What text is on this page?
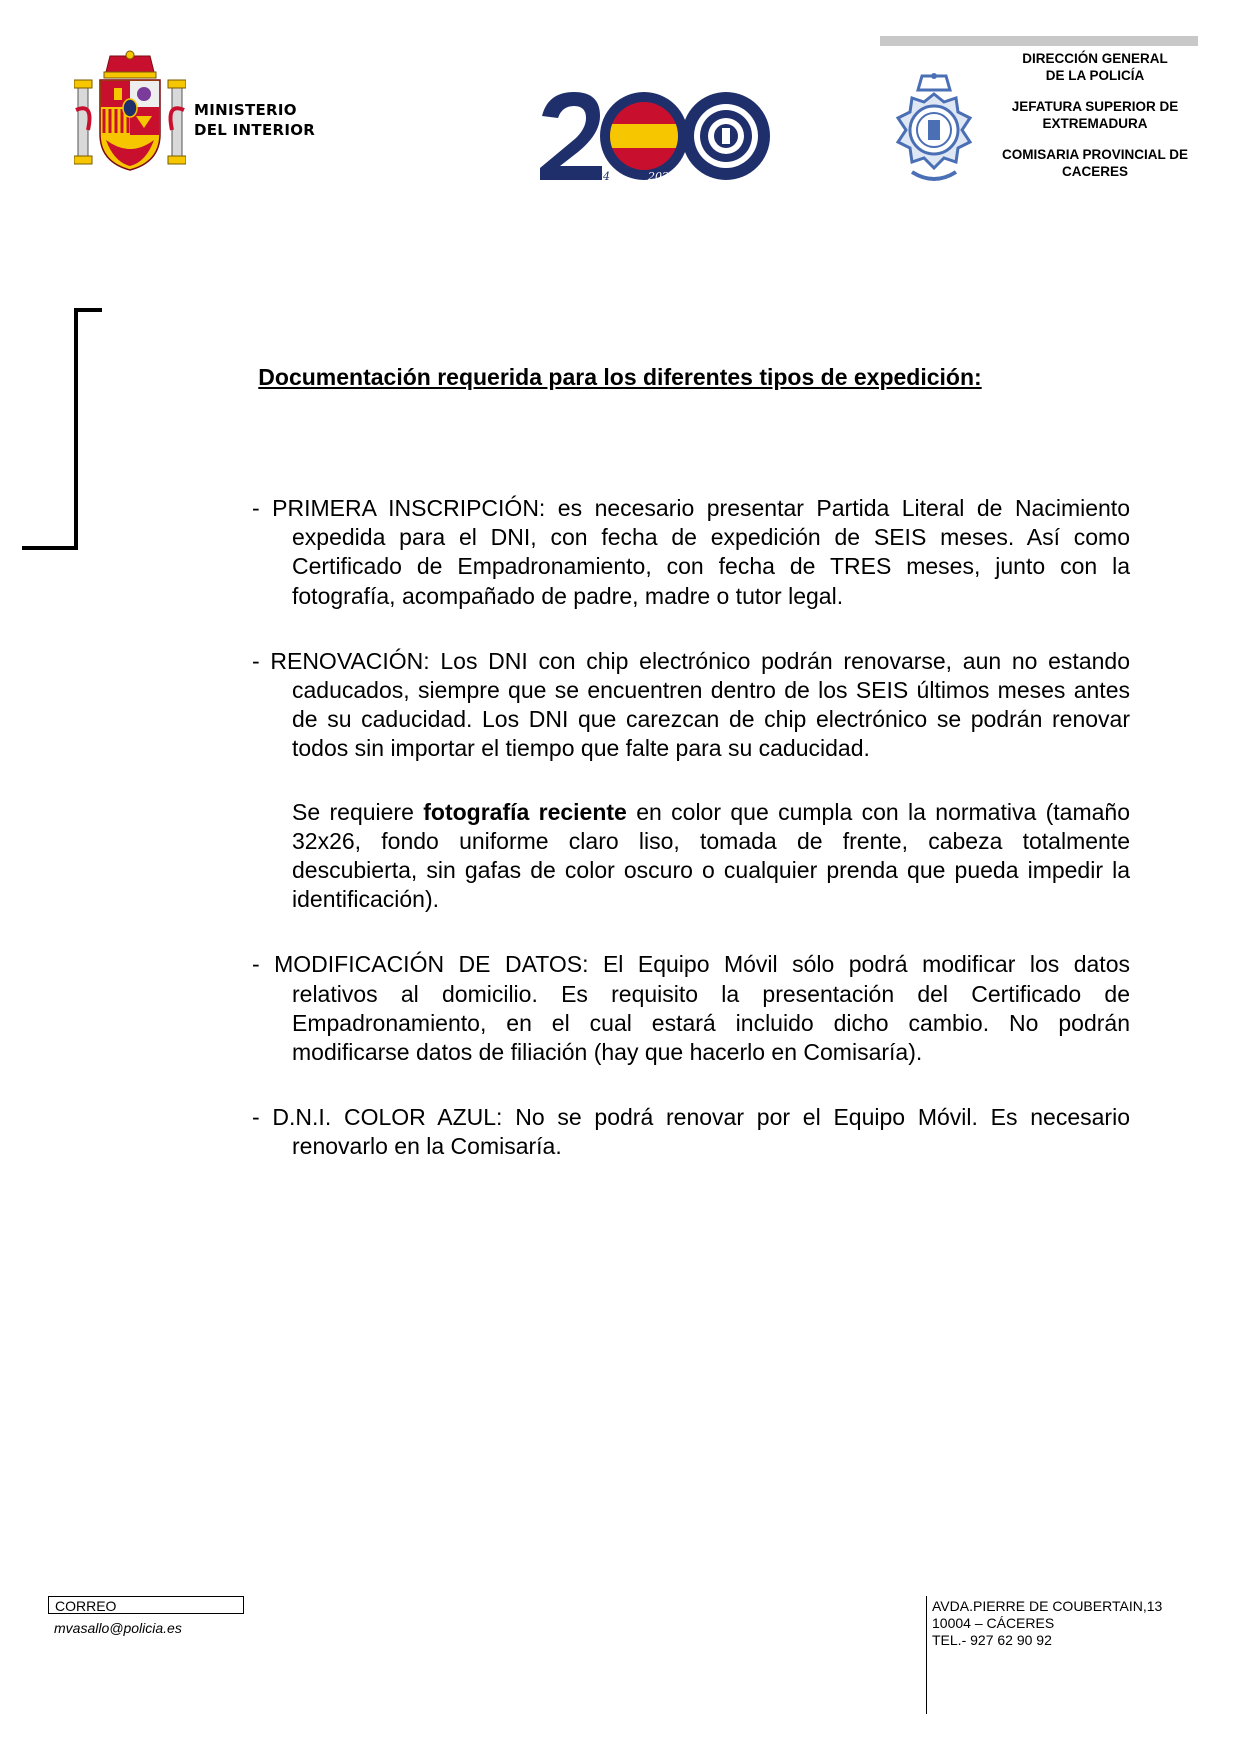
MINISTERIO
DEL INTERIOR
1824	2024
DIRECCIÓN GENERAL
DE LA POLICÍA
JEFATURA SUPERIOR DE
EXTREMADURA
COMISARIA PROVINCIAL DE
CACERES
Documentación requerida para los diferentes tipos de expedición:

- PRIMERA INSCRIPCIÓN: es necesario presentar Partida Literal de Nacimiento expedida para el DNI, con fecha de expedición de SEIS meses. Así como Certificado de Empadronamiento, con fecha de TRES meses, junto con la fotografía, acompañado de padre, madre o tutor legal.

- RENOVACIÓN: Los DNI con chip electrónico podrán renovarse, aun no estando caducados, siempre que se encuentren dentro de los SEIS últimos meses antes de su caducidad. Los DNI que carezcan de chip electrónico se podrán renovar todos sin importar el tiempo que falte para su caducidad.

Se requiere fotografía reciente en color que cumpla con la normativa (tamaño 32x26, fondo uniforme claro liso, tomada de frente, cabeza totalmente descubierta, sin gafas de color oscuro o cualquier prenda que pueda impedir la identificación).

- MODIFICACIÓN DE DATOS: El Equipo Móvil sólo podrá modificar los datos relativos al domicilio. Es requisito la presentación del Certificado de Empadronamiento, en el cual estará incluido dicho cambio. No podrán modificarse datos de filiación (hay que hacerlo en Comisaría).

- D.N.I. COLOR AZUL: No se podrá renovar por el Equipo Móvil. Es necesario renovarlo en la Comisaría.

CORREO
mvasallo@policia.es
AVDA.PIERRE DE COUBERTAIN,13
10004 – CÁCERES
TEL.- 927 62 90 92
